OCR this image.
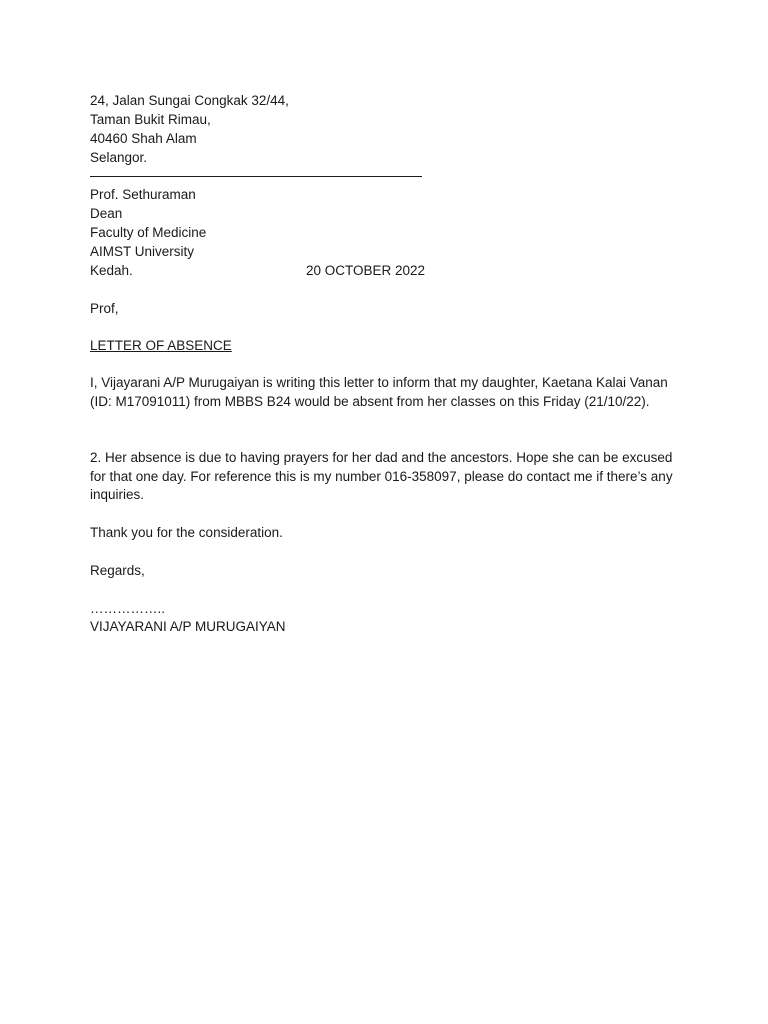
24, Jalan Sungai Congkak 32/44,
Taman Bukit Rimau,
40460 Shah Alam
Selangor.
Prof. Sethuraman
Dean
Faculty of Medicine
AIMST University
Kedah.	20 OCTOBER 2022
Prof,
LETTER OF ABSENCE
I, Vijayarani A/P Murugaiyan is writing this letter to inform that my daughter, Kaetana Kalai Vanan (ID: M17091011) from MBBS B24 would be absent from her classes on this Friday (21/10/22).
2. Her absence is due to having prayers for her dad and the ancestors. Hope she can be excused for that one day. For reference this is my number 016-358097, please do contact me if there’s any inquiries.
Thank you for the consideration.
Regards,
……………..
VIJAYARANI A/P MURUGAIYAN
